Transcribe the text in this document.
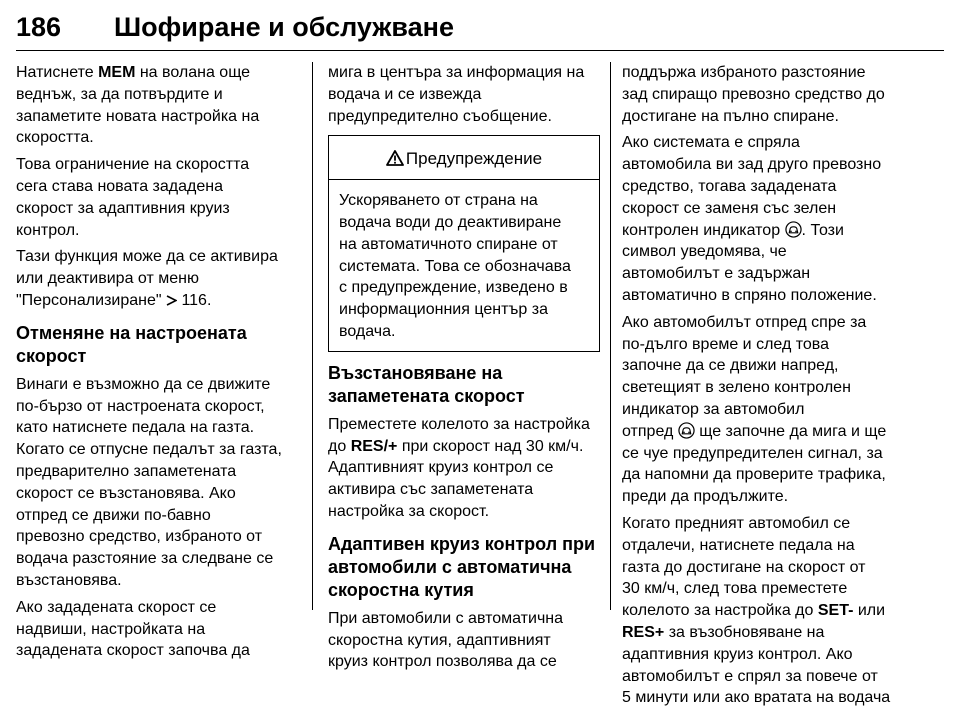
186 Шофиране и обслужване

Натиснете MEM на волана още
веднъж, за да потвърдите и
запаметите новата настройка на
скоростта.

Това ограничение на скоростта
сега става новата зададена
скорост за адаптивния круиз
контрол.

Тази функция може да се активира
или деактивира от меню
"Персонализиране"  116.

Отменяне на настроената
скорост

Винаги е възможно да се движите
по-бързо от настроената скорост,
като натиснете педала на газта.
Когато се отпусне педалът за газта,
предварително запаметената
скорост се възстановява. Ако
отпред се движи по-бавно
превозно средство, избраното от
водача разстояние за следване се
възстановява.

Ако зададената скорост се
надвиши, настройката на
зададената скорост започва да

мига в центъра за информация на
водача и се извежда
предупредително съобщение.

Предупреждение
Ускоряването от страна на
водача води до деактивиране
на автоматичното спиране от
системата. Това се обозначава
с предупреждение, изведено в
информационния център за
водача.
Възстановяване на
запаметената скорост

Преместете колелото за настройка
до RES/+ при скорост над 30 км/ч.
Адаптивният круиз контрол се
активира със запаметената
настройка за скорост.

Адаптивен круиз контрол при
автомобили с автоматична
скоростна кутия

При автомобили с автоматична
скоростна кутия, адаптивният
круиз контрол позволява да се

поддържа избраното разстояние
зад спиращо превозно средство до
достигане на пълно спиране.

Ако системата е спряла
автомобила ви зад друго превозно
средство, тогава зададената
скорост се заменя със зелен
контролен индикатор . Този
символ уведомява, че
автомобилът е задържан
автоматично в спряно положение.

Ако автомобилът отпред спре за
по-дълго време и след това
започне да се движи напред,
светещият в зелено контролен
индикатор за автомобил
отпред  ще започне да мига и ще
се чуе предупредителен сигнал, за
да напомни да проверите трафика,
преди да продължите.

Когато предният автомобил се
отдалечи, натиснете педала на
газта до достигане на скорост от
30 км/ч, след това преместете
колелото за настройка до SET- или
RES+ за възобновяване на
адаптивния круиз контрол. Ако
автомобилът е спрял за повече от
5 минути или ако вратата на водача
